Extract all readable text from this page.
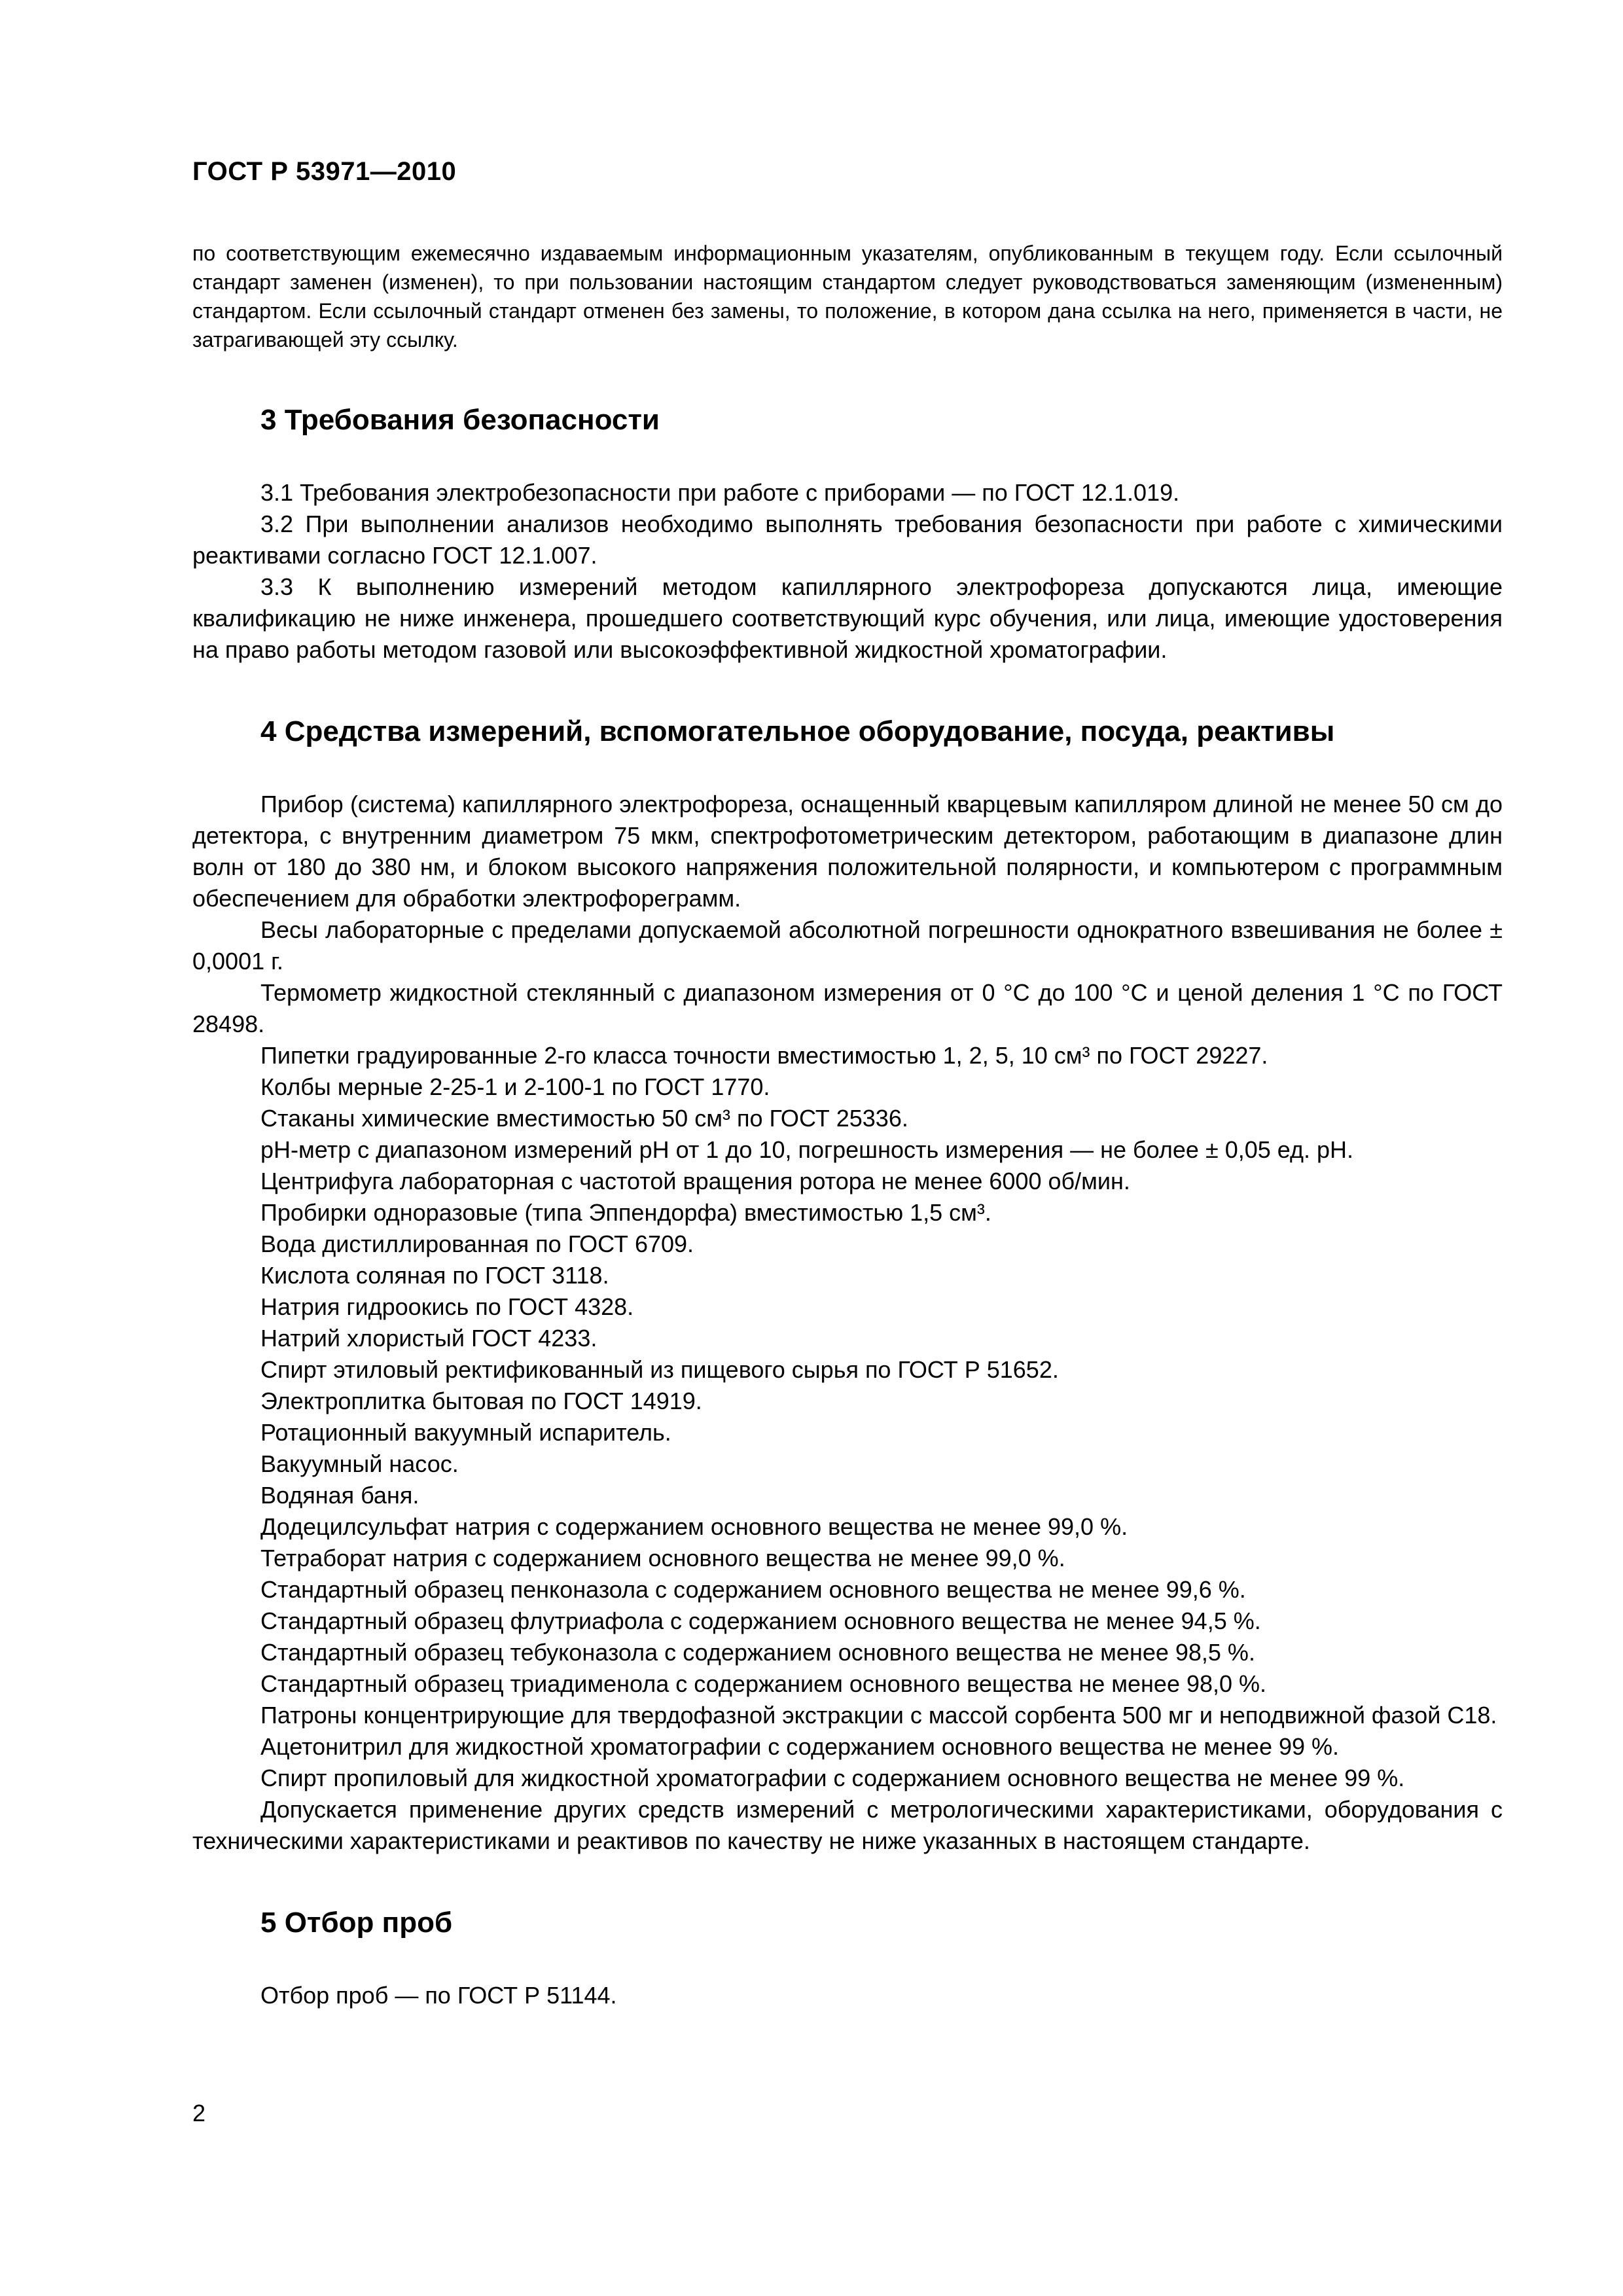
ГОСТ Р 53971—2010

по соответствующим ежемесячно издаваемым информационным указателям, опубликованным в текущем году. Если ссылочный стандарт заменен (изменен), то при пользовании настоящим стандартом следует руководствоваться заменяющим (измененным) стандартом. Если ссылочный стандарт отменен без замены, то положение, в котором дана ссылка на него, применяется в части, не затрагивающей эту ссылку.

3 Требования безопасности

3.1 Требования электробезопасности при работе с приборами — по ГОСТ 12.1.019.

3.2 При выполнении анализов необходимо выполнять требования безопасности при работе с химическими реактивами согласно ГОСТ 12.1.007.

3.3 К выполнению измерений методом капиллярного электрофореза допускаются лица, имеющие квалификацию не ниже инженера, прошедшего соответствующий курс обучения, или лица, имеющие удостоверения на право работы методом газовой или высокоэффективной жидкостной хроматографии.

4 Средства измерений, вспомогательное оборудование, посуда, реактивы

Прибор (система) капиллярного электрофореза, оснащенный кварцевым капилляром длиной не менее 50 см до детектора, с внутренним диаметром 75 мкм, спектрофотометрическим детектором, работающим в диапазоне длин волн от 180 до 380 нм, и блоком высокого напряжения положительной полярности, и компьютером с программным обеспечением для обработки электрофореграмм.

Весы лабораторные с пределами допускаемой абсолютной погрешности однократного взвешивания не более ± 0,0001 г.

Термометр жидкостной стеклянный с диапазоном измерения от 0 °C до 100 °C и ценой деления 1 °C по ГОСТ 28498.

Пипетки градуированные 2-го класса точности вместимостью 1, 2, 5, 10 см³ по ГОСТ 29227.

Колбы мерные 2-25-1 и 2-100-1 по ГОСТ 1770.

Стаканы химические вместимостью 50 см³ по ГОСТ 25336.

pH-метр с диапазоном измерений pH от 1 до 10, погрешность измерения — не более ± 0,05 ед. pH.

Центрифуга лабораторная с частотой вращения ротора не менее 6000 об/мин.

Пробирки одноразовые (типа Эппендорфа) вместимостью 1,5 см³.

Вода дистиллированная по ГОСТ 6709.

Кислота соляная по ГОСТ 3118.

Натрия гидроокись по ГОСТ 4328.

Натрий хлористый ГОСТ 4233.

Спирт этиловый ректификованный из пищевого сырья по ГОСТ Р 51652.

Электроплитка бытовая по ГОСТ 14919.

Ротационный вакуумный испаритель.

Вакуумный насос.

Водяная баня.

Додецилсульфат натрия с содержанием основного вещества не менее 99,0 %.

Тетраборат натрия с содержанием основного вещества не менее 99,0 %.

Стандартный образец пенконазола с содержанием основного вещества не менее 99,6 %.

Стандартный образец флутриафола с содержанием основного вещества не менее 94,5 %.

Стандартный образец тебуконазола с содержанием основного вещества не менее 98,5 %.

Стандартный образец триадименола с содержанием основного вещества не менее 98,0 %.

Патроны концентрирующие для твердофазной экстракции с массой сорбента 500 мг и неподвижной фазой С18.

Ацетонитрил для жидкостной хроматографии с содержанием основного вещества не менее 99 %.

Спирт пропиловый для жидкостной хроматографии с содержанием основного вещества не менее 99 %.

Допускается применение других средств измерений с метрологическими характеристиками, оборудования с техническими характеристиками и реактивов по качеству не ниже указанных в настоящем стандарте.

5 Отбор проб

Отбор проб — по ГОСТ Р 51144.

2
